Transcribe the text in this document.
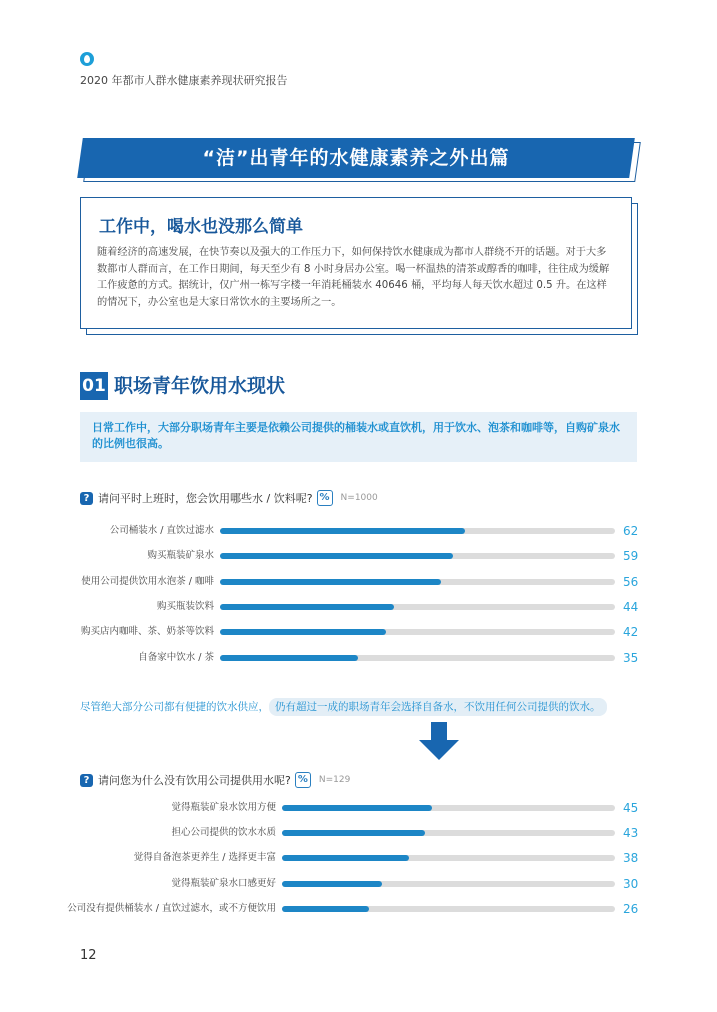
2020 年都市人群水健康素养现状研究报告
“洁”出青年的水健康素养之外出篇
工作中，喝水也没那么简单

随着经济的高速发展，在快节奏以及强大的工作压力下，如何保持饮水健康成为都市人群绕不开的话题。对于大多数都市人群而言，在工作日期间，每天至少有 8 小时身居办公室。喝一杯温热的清茶或醇香的咖啡，往往成为缓解工作疲惫的方式。据统计，仅广州一栋写字楼一年消耗桶装水 40646 桶，平均每人每天饮水超过 0.5 升。在这样的情况下，办公室也是大家日常饮水的主要场所之一。

01 职场青年饮用水现状
日常工作中，大部分职场青年主要是依赖公司提供的桶装水或直饮机，用于饮水、泡茶和咖啡等，自购矿泉水的比例也很高。
? 请问平时上班时，您会饮用哪些水 / 饮料呢? %	N=1000
公司桶装水 / 直饮过滤水	62
购买瓶装矿泉水	59
使用公司提供饮用水泡茶 / 咖啡	56
购买瓶装饮料	44
购买店内咖啡、茶、奶茶等饮料	42
自备家中饮水 / 茶	35
尽管绝大部分公司都有便捷的饮水供应， 仍有超过一成的职场青年会选择自备水，不饮用任何公司提供的饮水。
? 请问您为什么没有饮用公司提供用水呢? %	N=129
觉得瓶装矿泉水饮用方便	45
担心公司提供的饮水水质	43
觉得自备泡茶更养生 / 选择更丰富	38
觉得瓶装矿泉水口感更好	30
公司没有提供桶装水 / 直饮过滤水，或不方便饮用	26
12
